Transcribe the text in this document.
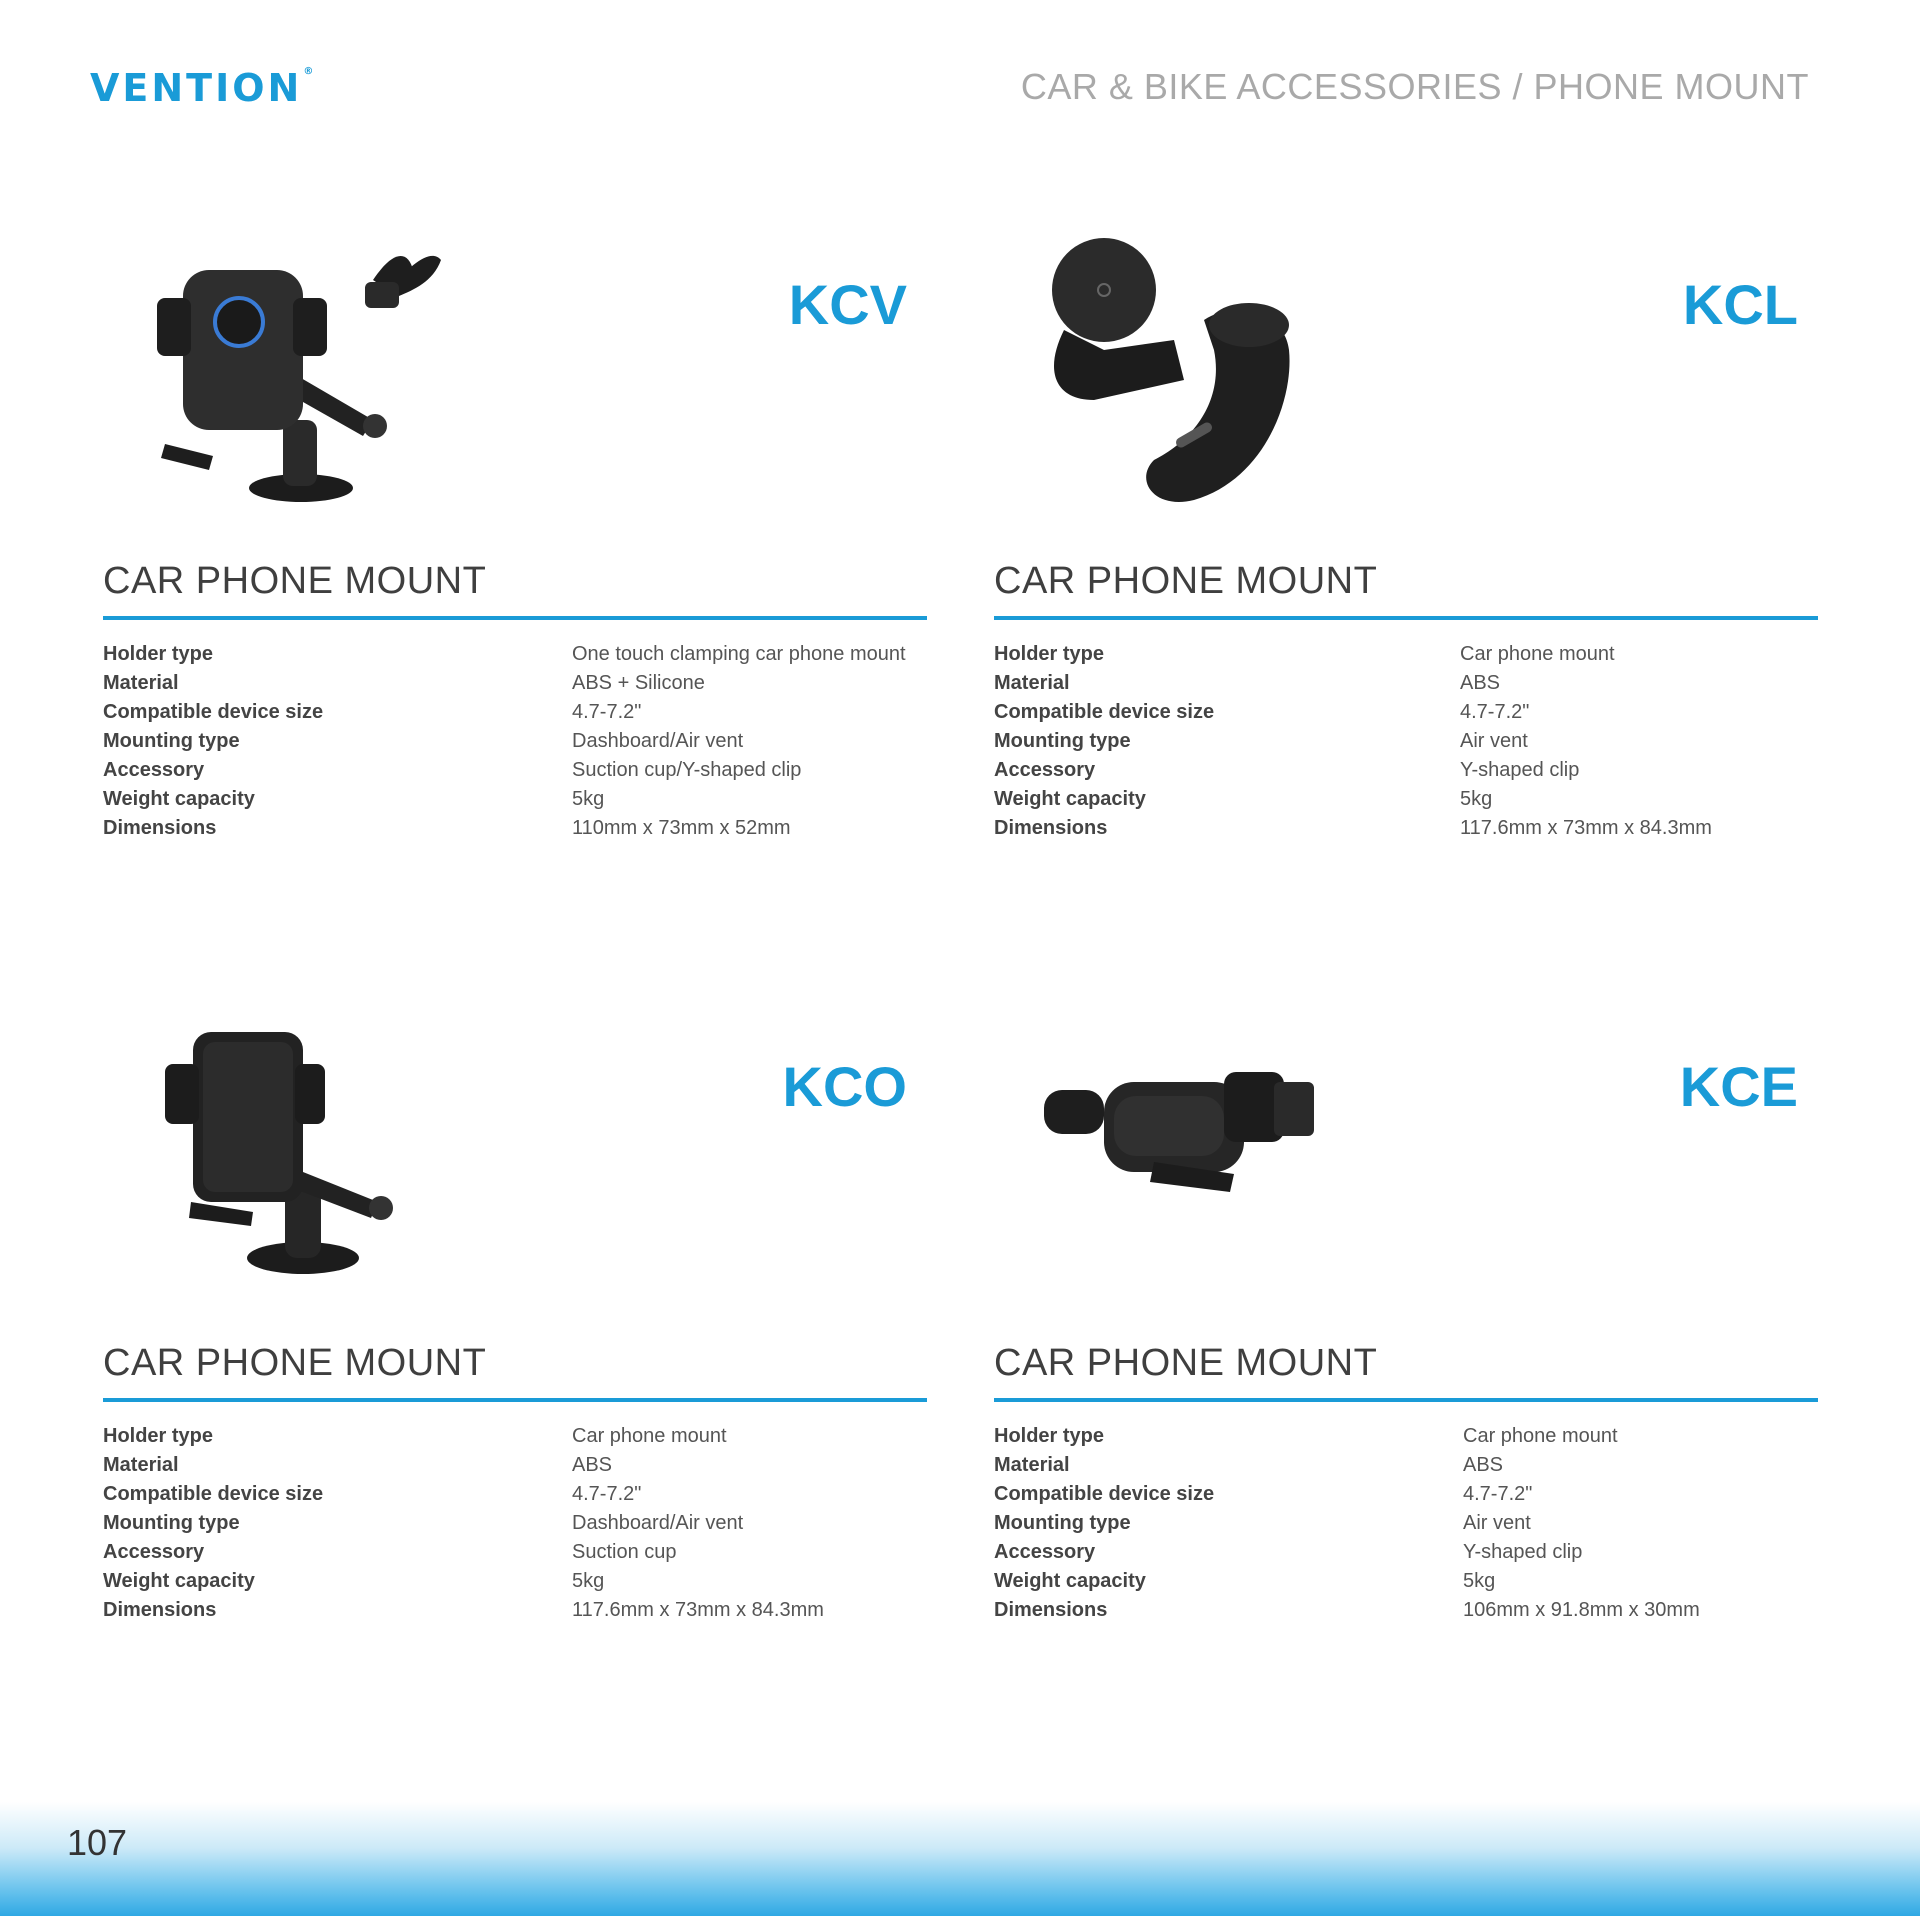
VENTION®	CAR & BIKE ACCESSORIES / PHONE MOUNT
KCV
CAR PHONE MOUNT
Holder type	One touch clamping car phone mount
Material	ABS + Silicone
Compatible device size	4.7-7.2"
Mounting type	Dashboard/Air vent
Accessory	Suction cup/Y-shaped clip
Weight capacity	5kg
Dimensions	110mm x 73mm x 52mm
KCL
CAR PHONE MOUNT
Holder type	Car phone mount
Material	ABS
Compatible device size	4.7-7.2"
Mounting type	Air vent
Accessory	Y-shaped clip
Weight capacity	5kg
Dimensions	117.6mm x 73mm x 84.3mm
KCO
CAR PHONE MOUNT
Holder type	Car phone mount
Material	ABS
Compatible device size	4.7-7.2"
Mounting type	Dashboard/Air vent
Accessory	Suction cup
Weight capacity	5kg
Dimensions	117.6mm x 73mm x 84.3mm
KCE
CAR PHONE MOUNT
Holder type	Car phone mount
Material	ABS
Compatible device size	4.7-7.2"
Mounting type	Air vent
Accessory	Y-shaped clip
Weight capacity	5kg
Dimensions	106mm x 91.8mm x 30mm
107
